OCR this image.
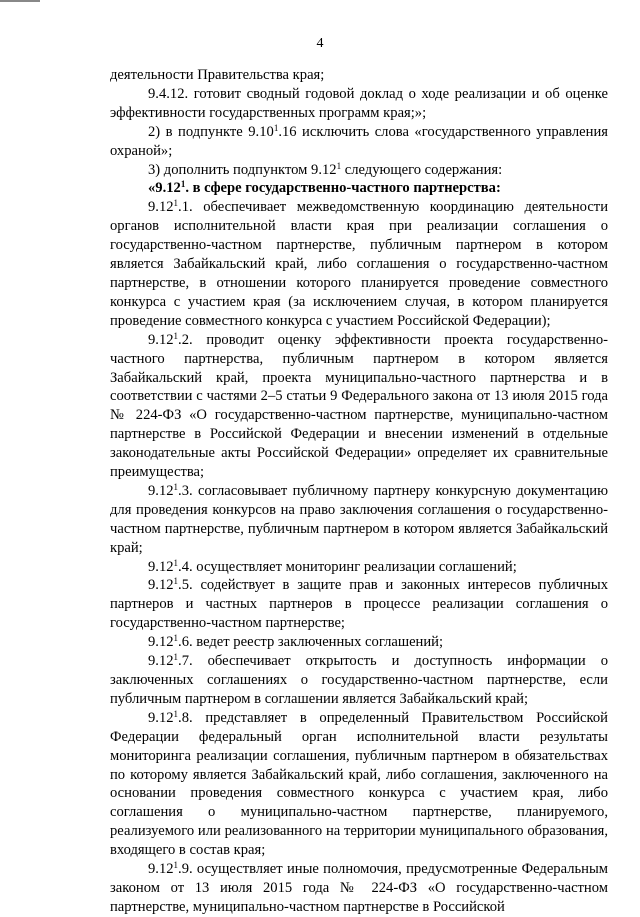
4

деятельности Правительства края;

9.4.12. готовит сводный годовой доклад о ходе реализации и об оценке эффективности государственных программ края;»;

2) в подпункте 9.10$^1$.16 исключить слова «государственного управления охраной»;

3) дополнить подпунктом 9.12$^1$ следующего содержания:

«9.12$^1$. в сфере государственно-частного партнерства:

9.12$^1$.1. обеспечивает межведомственную координацию деятельности органов исполнительной власти края при реализации соглашения о государственно-частном партнерстве, публичным партнером в котором является Забайкальский край, либо соглашения о государственно-частном партнерстве, в отношении которого планируется проведение совместного конкурса с участием края (за исключением случая, в котором планируется проведение совместного конкурса с участием Российской Федерации);

9.12$^1$.2. проводит оценку эффективности проекта государственно-частного партнерства, публичным партнером в котором является Забайкальский край, проекта муниципально-частного партнерства и в соответствии с частями 2–5 статьи 9 Федерального закона от 13 июля 2015 года № 224-ФЗ «О государственно-частном партнерстве, муниципально-частном партнерстве в Российской Федерации и внесении изменений в отдельные законодательные акты Российской Федерации» определяет их сравнительные преимущества;

9.12$^1$.3. согласовывает публичному партнеру конкурсную документацию для проведения конкурсов на право заключения соглашения о государственно-частном партнерстве, публичным партнером в котором является Забайкальский край;

9.12$^1$.4. осуществляет мониторинг реализации соглашений;

9.12$^1$.5. содействует в защите прав и законных интересов публичных партнеров и частных партнеров в процессе реализации соглашения о государственно-частном партнерстве;

9.12$^1$.6. ведет реестр заключенных соглашений;

9.12$^1$.7. обеспечивает открытость и доступность информации о заключенных соглашениях о государственно-частном партнерстве, если публичным партнером в соглашении является Забайкальский край;

9.12$^1$.8. представляет в определенный Правительством Российской Федерации федеральный орган исполнительной власти результаты мониторинга реализации соглашения, публичным партнером в обязательствах по которому является Забайкальский край, либо соглашения, заключенного на основании проведения совместного конкурса с участием края, либо соглашения о муниципально-частном партнерстве, планируемого, реализуемого или реализованного на территории муниципального образования, входящего в состав края;

9.12$^1$.9. осуществляет иные полномочия, предусмотренные Федеральным законом от 13 июля 2015 года № 224-ФЗ «О государственно-частном партнерстве, муниципально-частном партнерстве в Российской
